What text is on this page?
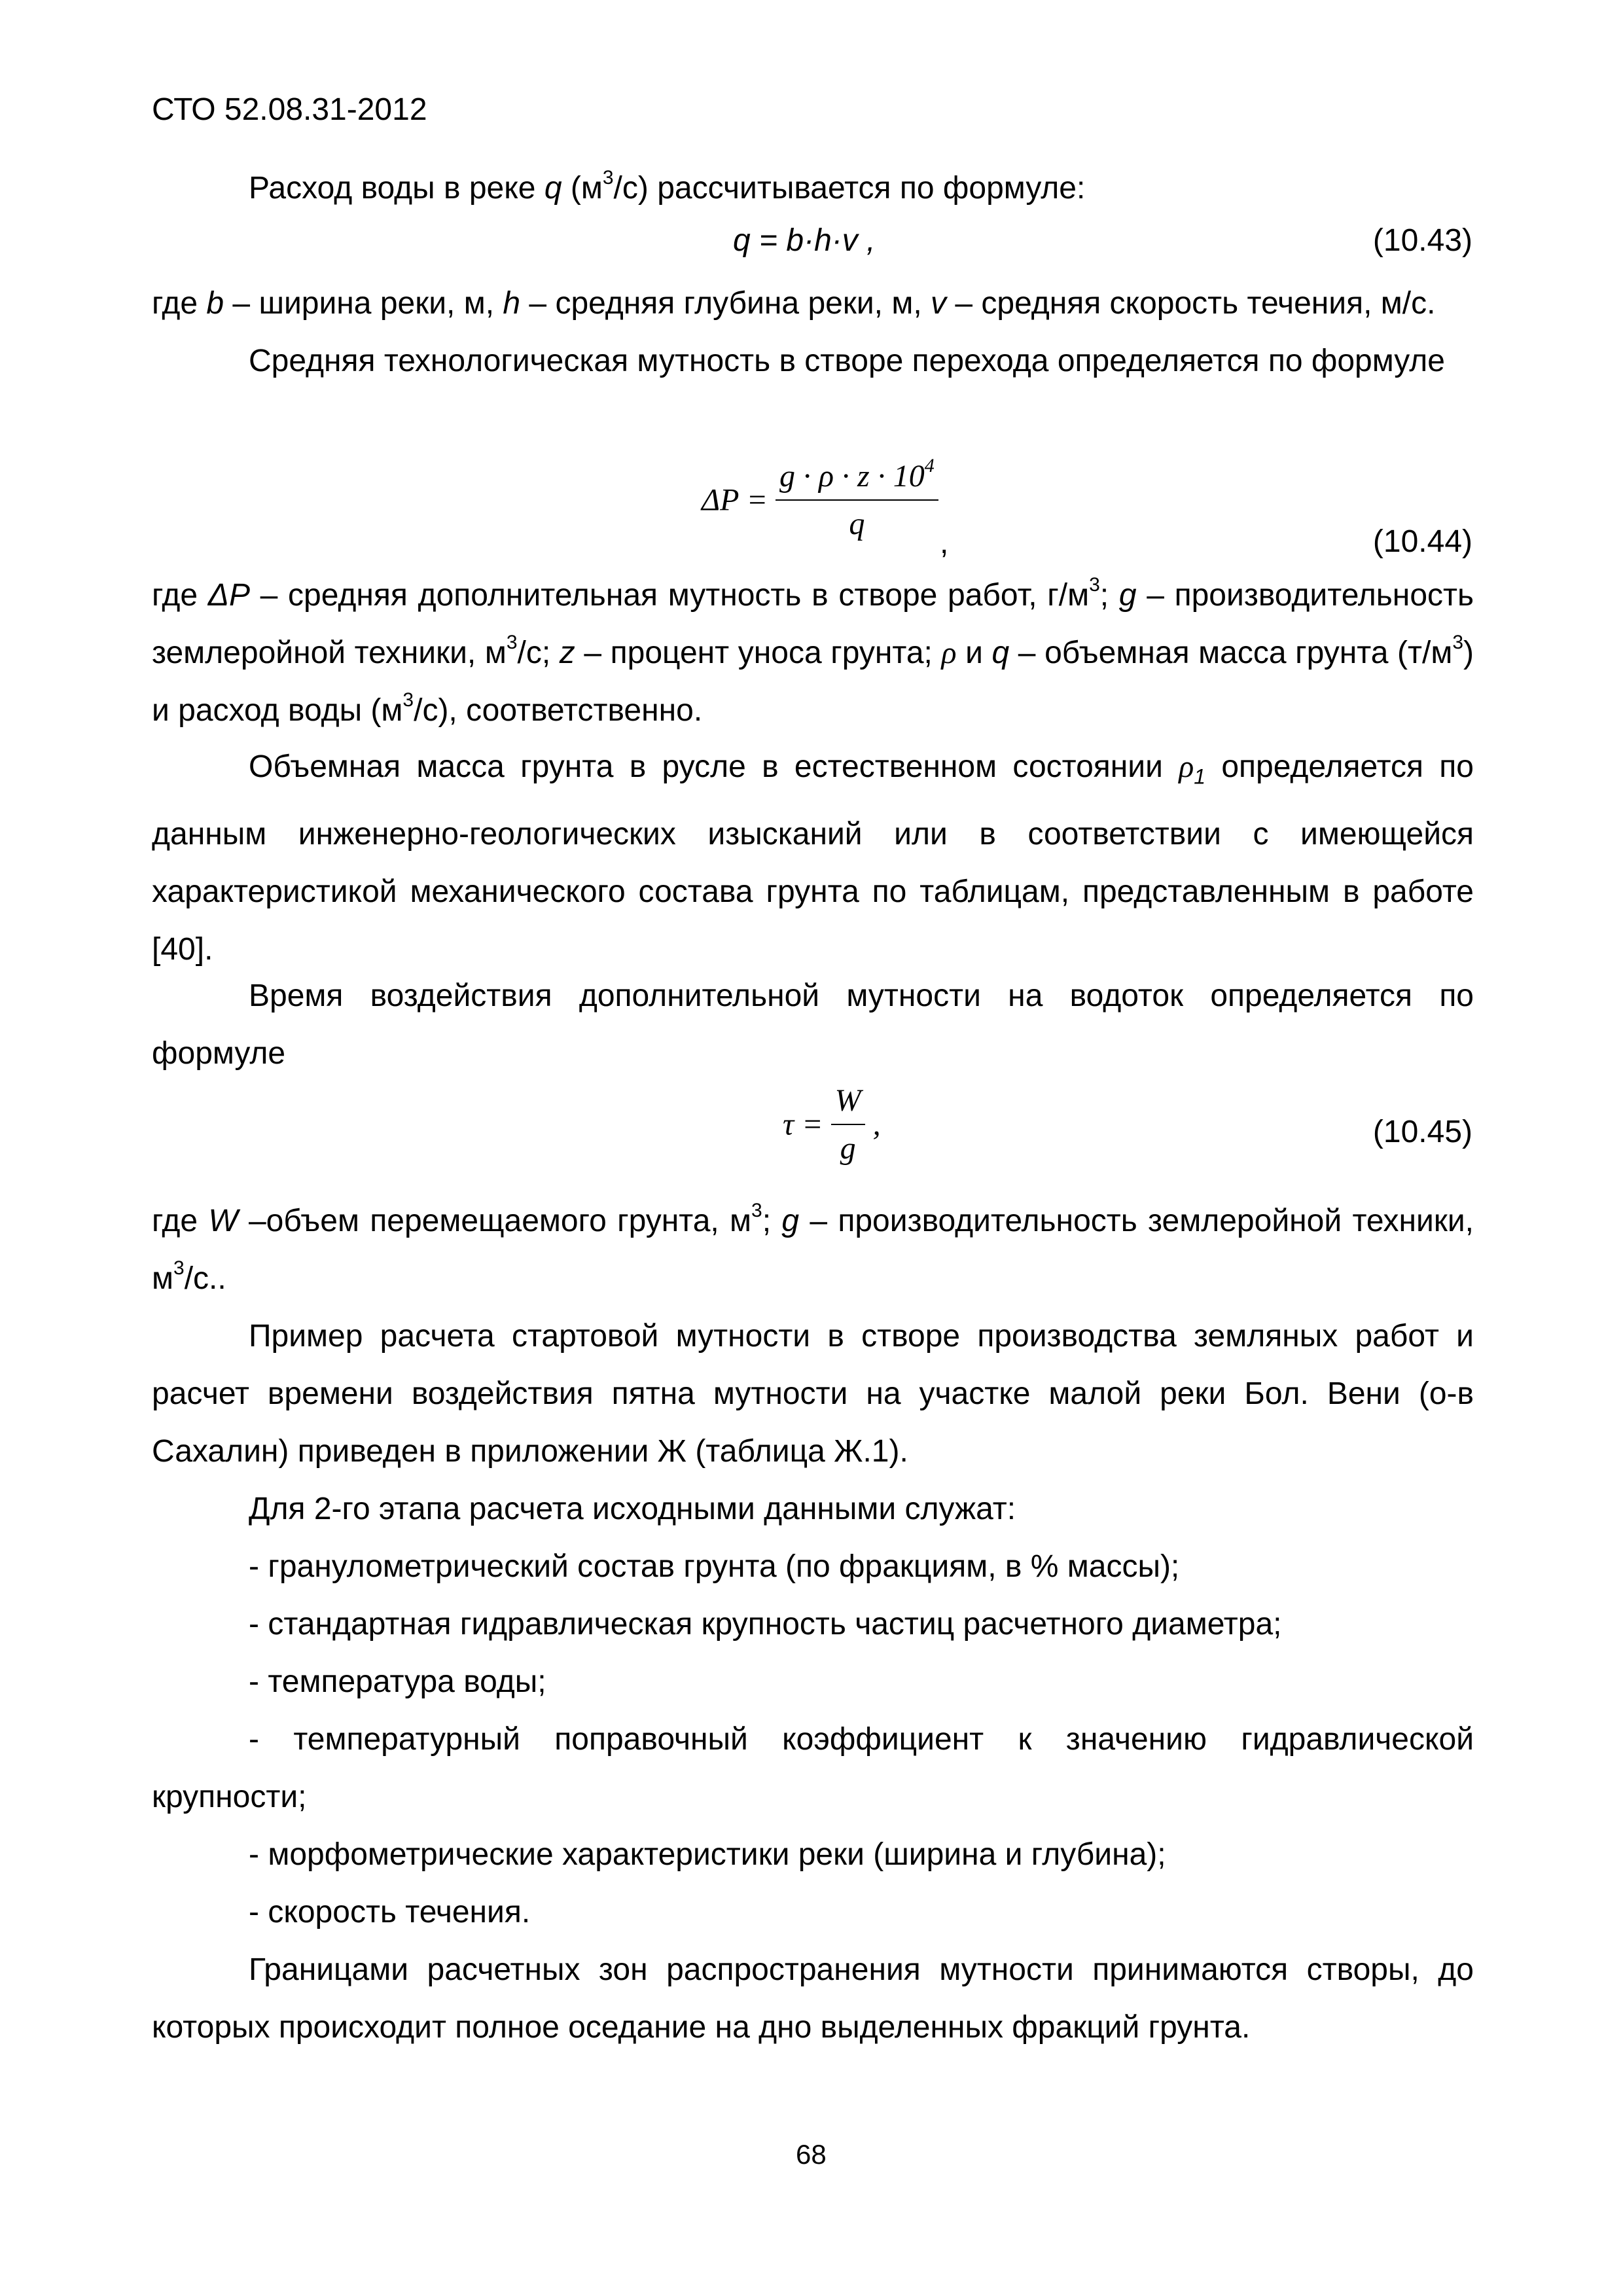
СТО 52.08.31-2012
Расход воды в реке q $(м^3/с)$ рассчитывается по формуле:
q = b·h·v ,	(10.43)
где b – ширина реки, м, h – средняя глубина реки, м, v – средняя скорость течения, м/с.
Средняя технологическая мутность в створе перехода определяется по формуле
$\Delta P = \frac{g \cdot \rho \cdot z \cdot 10^4}{q}$
,	(10.44)
где ΔP – средняя дополнительная мутность в створе работ, $г/м^3$; g – производительность землеройной техники, $м^3/с$; z – процент уноса грунта; ρ и q – объемная масса грунта $(т/м^3)$ и расход воды $(м^3/с)$, соответственно.
Объемная масса грунта в русле в естественном состоянии $\rho_1$ определяется по данным инженерно-геологических изысканий или в соответствии с имеющейся характеристикой механического состава грунта по таблицам, представленным в работе [40].
Время воздействия дополнительной мутности на водоток определяется по формуле
$\tau = \frac{W}{g}$ ,	(10.45)
где W –объем перемещаемого грунта, $м^3$; g – производительность землеройной техники, $м^3/с$..
Пример расчета стартовой мутности в створе производства земляных работ и расчет времени воздействия пятна мутности на участке малой реки Бол. Вени (о-в Сахалин) приведен в приложении Ж (таблица Ж.1).
Для 2-го этапа расчета исходными данными служат:
- гранулометрический состав грунта (по фракциям, в % массы);
- стандартная гидравлическая крупность частиц расчетного диаметра;
- температура воды;
- температурный поправочный коэффициент к значению гидравлической крупности;
- морфометрические характеристики реки (ширина и глубина);
- скорость течения.
Границами расчетных зон распространения мутности принимаются створы, до которых происходит полное оседание на дно выделенных фракций грунта.
68
